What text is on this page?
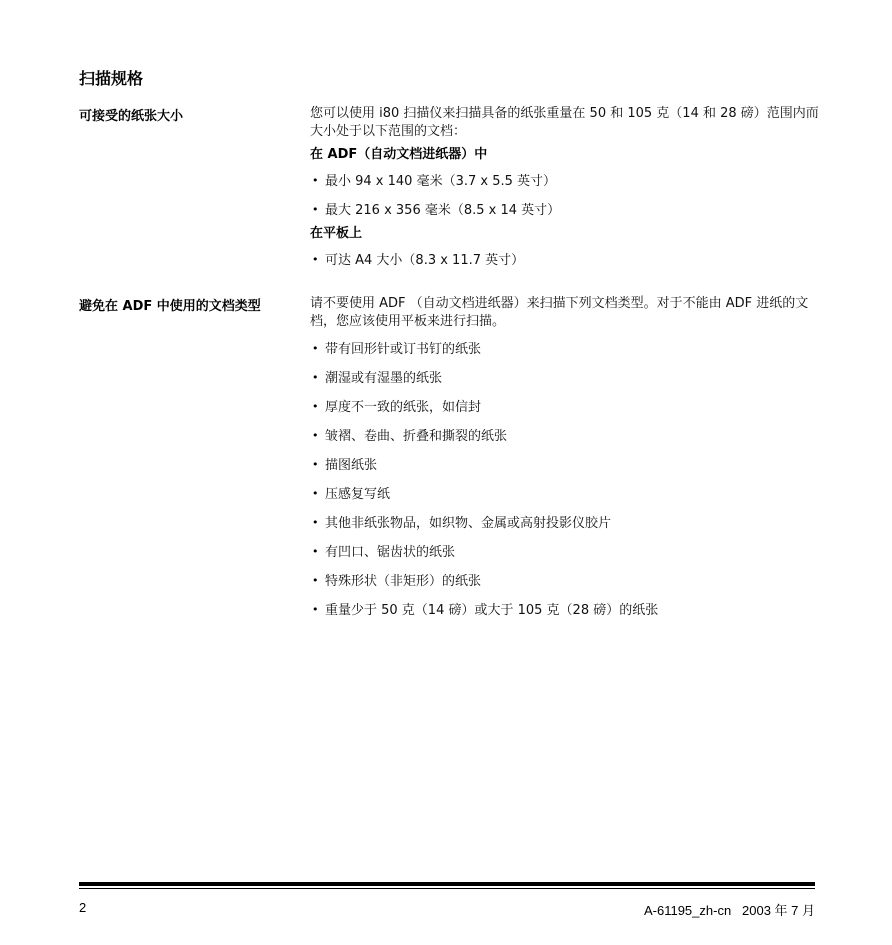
扫描规格
可接受的纸张大小	您可以使用 i80 扫描仪来扫描具备的纸张重量在 50 和 105 克（14 和 28 磅）范围内而大小处于以下范围的文档：

在 ADF（自动文档进纸器）中

• 最小 94 x 140 毫米（3.7 x 5.5 英寸）
• 最大 216 x 356 毫米（8.5 x 14 英寸）

在平板上

• 可达 A4 大小（8.3 x 11.7 英寸）
避免在 ADF 中使用的文档类型	请不要使用 ADF （自动文档进纸器）来扫描下列文档类型。对于不能由 ADF 进纸的文档，您应该使用平板来进行扫描。

• 带有回形针或订书钉的纸张
• 潮湿或有湿墨的纸张
• 厚度不一致的纸张，如信封
• 皱褶、卷曲、折叠和撕裂的纸张
• 描图纸张
• 压感复写纸
• 其他非纸张物品，如织物、金属或高射投影仪胶片
• 有凹口、锯齿状的纸张
• 特殊形状（非矩形）的纸张
• 重量少于 50 克（14 磅）或大于 105 克（28 磅）的纸张
2	A-61195_zh-cn   2003 年 7 月
